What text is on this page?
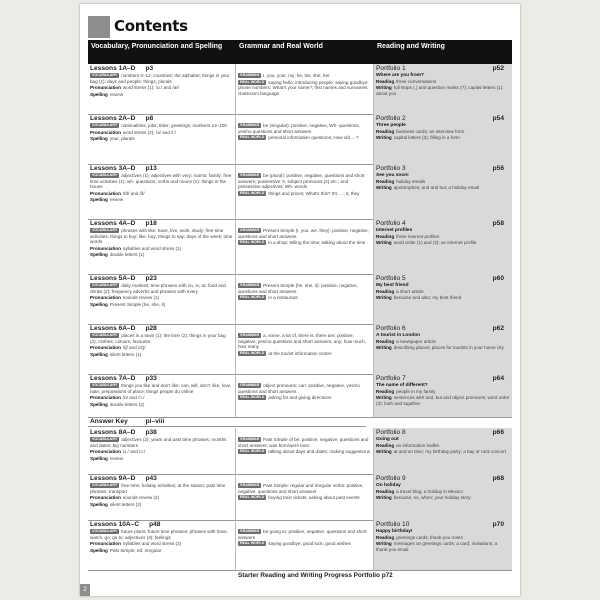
Contents
Vocabulary, Pronunciation and Spelling	Grammar and Real World	Reading and Writing
Lessons 1A–D p3
VOCABULARY numbers 0–12; countries; the alphabet; things in your bag (1); days and people; things; plurals
Pronunciation word stress (1); /ɑː/ and /æ/
Spelling review
GRAMMAR I, you, your, my; he, his, she, her
REAL WORLD saying hello; introducing people; saying goodbye; phone numbers; What's your name?; first names and surnames; classroom language
Portfolio 1	p52
Where are you from?
Reading three conversations
Writing full stops (.) and question marks (?); capital letters (1): about you
Lessons 2A–D p8
VOCABULARY nationalities; jobs; titles; greetings; numbers 13–100
Pronunciation word stress (2); /ə/ and /iː/
Spelling your, plurals
GRAMMAR be (singular): positive, negative, Wh- questions, yes/no questions and short answers
REAL WORLD personal information questions; How old …?
Portfolio 2	p54
Three people
Reading business cards; an interview form
Writing capital letters (2); filling in a form
Lessons 3A–D p13
VOCABULARY adjectives (1); adjectives with very; rooms; family; free time activities (1); wh- questions; verbs and nouns (1): things in the house
Pronunciation /tð/ and /ð/
Spelling review
GRAMMAR be (plural): positive, negative, questions and short answers; possessive 's; subject pronouns (2) etc.; and possessive adjectives; Wh- words
REAL WORLD things and prices; What's this? It's …; it, they
Portfolio 3	p56
See you soon!
Reading holiday emails
Writing apostrophes; and and but; a holiday email
Lessons 4A–D p18
VOCABULARY phrases with like, have, live, work, study; free time activities; things to buy; like, buy; things to say; days of the week; time words
Pronunciation syllables and word stress (1)
Spelling double letters (1)
GRAMMAR Present Simple (I, you, we, they): positive, negative, questions and short answers
REAL WORLD in a shop; telling the time; talking about the time
Portfolio 4	p58
Internet profiles
Reading three internet profiles
Writing word order (1) and (2); an internet profile
Lessons 5A–D p23
VOCABULARY daily routines; time phrases with on, in, at; food and drinks (2); frequency adverbs and phrases with every
Pronunciation sounds review (1)
Spelling Present Simple (he, she, it)
GRAMMAR Present Simple (he, she, it): positive, negative, questions and short answers
REAL WORLD in a restaurant
Portfolio 5	p60
My best friend
Reading a short article
Writing because and also; my best friend
Lessons 6A–D p28
VOCABULARY places in a town (1); the time (2); things in your bag (2); clothes; colours; favourite
Pronunciation /tʃ/ and /dʒ/
Spelling silent letters (1)
GRAMMAR a, some, a lot of, there is, there are; positive, negative, yes/no questions and short answers, any; how much, how many
REAL WORLD at the tourist information centre
Portfolio 6	p62
A tourist in London
Reading a newspaper article
Writing describing places; places for tourists in your home city
Lessons 7A–D p33
VOCABULARY things you like and don't like; can, will, don't; like, love, hate; prepositions of place; things people do online
Pronunciation /ɒ/ and /ɔː/
Spelling double letters (2)
GRAMMAR object pronouns; can: positive, negative, yes/no questions and short answers
REAL WORLD asking for and giving directions
Portfolio 7	p64
The name of different?
Reading people in my family
Writing sentences with and, but and object pronouns; word order (3): both and together
Lessons 8A–D p38
VOCABULARY adjectives (2); years and past time phrases; months and dates; big numbers
Pronunciation /ɜː/ and /ɔː/
Spelling review
GRAMMAR Past Simple of be: positive, negative, questions and short answers; was born/were born
REAL WORLD talking about days and dates; making suggestions
Portfolio 8	p66
Going out
Reading an information leaflet
Writing at and on time; my birthday party; a bay or rock concert
Lessons 9A–D p43
VOCABULARY free time; holiday activities; at the station; past time phrases; transport
Pronunciation sounds review (2)
Spelling silent letters (2)
GRAMMAR Past Simple: regular and irregular verbs: positive, negative, questions and short answers
REAL WORLD buying train tickets; asking about past events
Portfolio 9	p68
On holiday
Reading a travel blog; a holiday in Mexico
Writing because, so, when; your holiday story
Lessons 10A–C p48
VOCABULARY future plans; future time phrases; phrases with have, watch, go; go to; adjectives (3); feelings
Pronunciation syllables and word stress (2)
Spelling Past Simple; ed; irregular
GRAMMAR be going to: positive, negative, questions and short answers
REAL WORLD saying goodbye; good luck; good wishes
Portfolio 10	p70
Happy birthday!
Reading greetings cards; thank-you notes
Writing messages on greetings cards; a card; invitations; a thank-you email
Answer Key	pi–viii
Starter Reading and Writing Progress Portfolio p72
2
